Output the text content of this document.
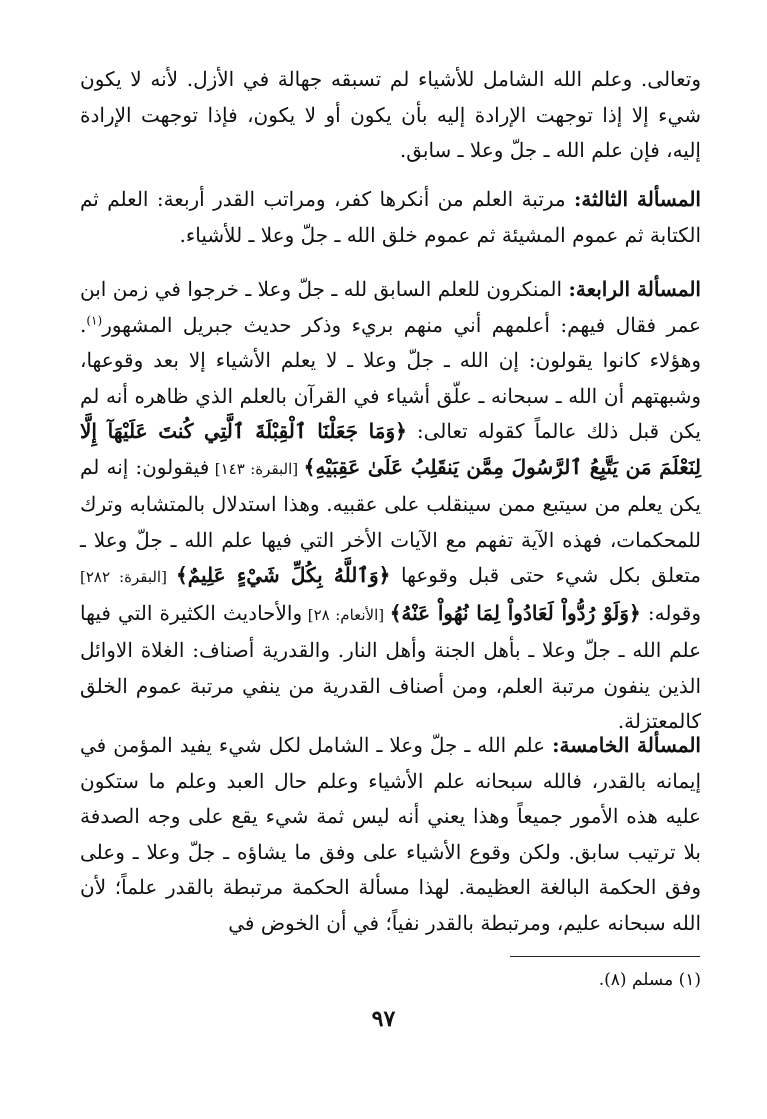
وتعالى. وعلم الله الشامل للأشياء لم تسبقه جهالة في الأزل. لأنه لا يكون شيء إلا إذا توجهت الإرادة إليه بأن يكون أو لا يكون، فإذا توجهت الإرادة إليه، فإن علم الله ـ جلّ وعلا ـ سابق.
المسألة الثالثة: مرتبة العلم من أنكرها كفر، ومراتب القدر أربعة: العلم ثم الكتابة ثم عموم المشيئة ثم عموم خلق الله ـ جلّ وعلا ـ للأشياء.
المسألة الرابعة: المنكرون للعلم السابق لله ـ جلّ وعلا ـ خرجوا في زمن ابن عمر فقال فيهم: أعلمهم أني منهم بريء وذكر حديث جبريل المشهور$^{(١)}$. وهؤلاء كانوا يقولون: إن الله ـ جلّ وعلا ـ لا يعلم الأشياء إلا بعد وقوعها، وشبهتهم أن الله ـ سبحانه ـ علّق أشياء في القرآن بالعلم الذي ظاهره أنه لم يكن قبل ذلك عالماً كقوله تعالى: ﴿وَمَا جَعَلْنَا ٱلْقِبْلَةَ ٱلَّتِي كُنتَ عَلَيْهَآ إِلَّا لِنَعْلَمَ مَن يَتَّبِعُ ٱلرَّسُولَ مِمَّن يَنقَلِبُ عَلَىٰ عَقِبَيْهِ﴾ [البقرة: ١٤٣] فيقولون: إنه لم يكن يعلم من سيتبع ممن سينقلب على عقبيه. وهذا استدلال بالمتشابه وترك للمحكمات، فهذه الآية تفهم مع الآيات الأخر التي فيها علم الله ـ جلّ وعلا ـ متعلق بكل شيء حتى قبل وقوعها ﴿وَٱللَّهُ بِكُلِّ شَيْءٍ عَلِيمٌ﴾ [البقرة: ٢٨٢] وقوله: ﴿وَلَوْ رُدُّواْ لَعَادُواْ لِمَا نُهُواْ عَنْهُ﴾ [الأنعام: ٢٨] والأحاديث الكثيرة التي فيها علم الله ـ جلّ وعلا ـ بأهل الجنة وأهل النار. والقدرية أصناف: الغلاة الاوائل الذين ينفون مرتبة العلم، ومن أصناف القدرية من ينفي مرتبة عموم الخلق كالمعتزلة.
المسألة الخامسة: علم الله ـ جلّ وعلا ـ الشامل لكل شيء يفيد المؤمن في إيمانه بالقدر، فالله سبحانه علم الأشياء وعلم حال العبد وعلم ما ستكون عليه هذه الأمور جميعاً وهذا يعني أنه ليس ثمة شيء يقع على وجه الصدفة بلا ترتيب سابق. ولكن وقوع الأشياء على وفق ما يشاؤه ـ جلّ وعلا ـ وعلى وفق الحكمة البالغة العظيمة. لهذا مسألة الحكمة مرتبطة بالقدر علماً؛ لأن الله سبحانه عليم، ومرتبطة بالقدر نفياً؛ في أن الخوض في
(١) مسلم (٨).
٩٧
